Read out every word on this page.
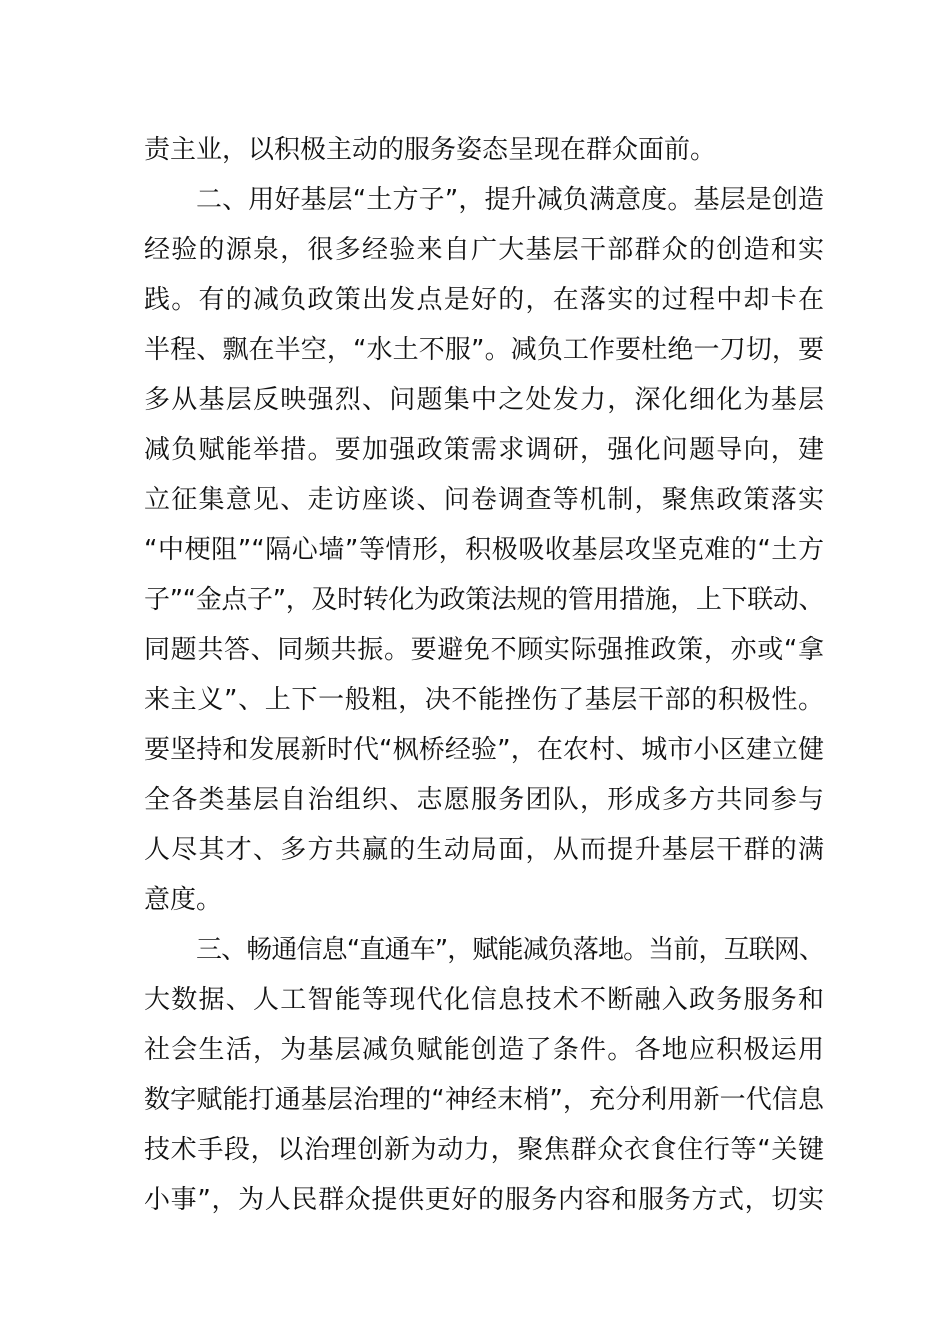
责主业，以积极主动的服务姿态呈现在群众面前。
二、用好基层“土方子”，提升减负满意度。基层是创造
经验的源泉，很多经验来自广大基层干部群众的创造和实
践。有的减负政策出发点是好的，在落实的过程中却卡在
半程、飘在半空，“水土不服”。减负工作要杜绝一刀切，要
多从基层反映强烈、问题集中之处发力，深化细化为基层
减负赋能举措。要加强政策需求调研，强化问题导向，建
立征集意见、走访座谈、问卷调查等机制，聚焦政策落实
“中梗阻”“隔心墙”等情形，积极吸收基层攻坚克难的“土方
子”“金点子”，及时转化为政策法规的管用措施，上下联动、
同题共答、同频共振。要避免不顾实际强推政策，亦或“拿
来主义”、上下一般粗，决不能挫伤了基层干部的积极性。
要坚持和发展新时代“枫桥经验”，在农村、城市小区建立健
全各类基层自治组织、志愿服务团队，形成多方共同参与
人尽其才、多方共赢的生动局面，从而提升基层干群的满
意度。
三、畅通信息“直通车”，赋能减负落地。当前，互联网、
大数据、人工智能等现代化信息技术不断融入政务服务和
社会生活，为基层减负赋能创造了条件。各地应积极运用
数字赋能打通基层治理的“神经末梢”，充分利用新一代信息
技术手段，以治理创新为动力，聚焦群众衣食住行等“关键
小事”，为人民群众提供更好的服务内容和服务方式，切实
